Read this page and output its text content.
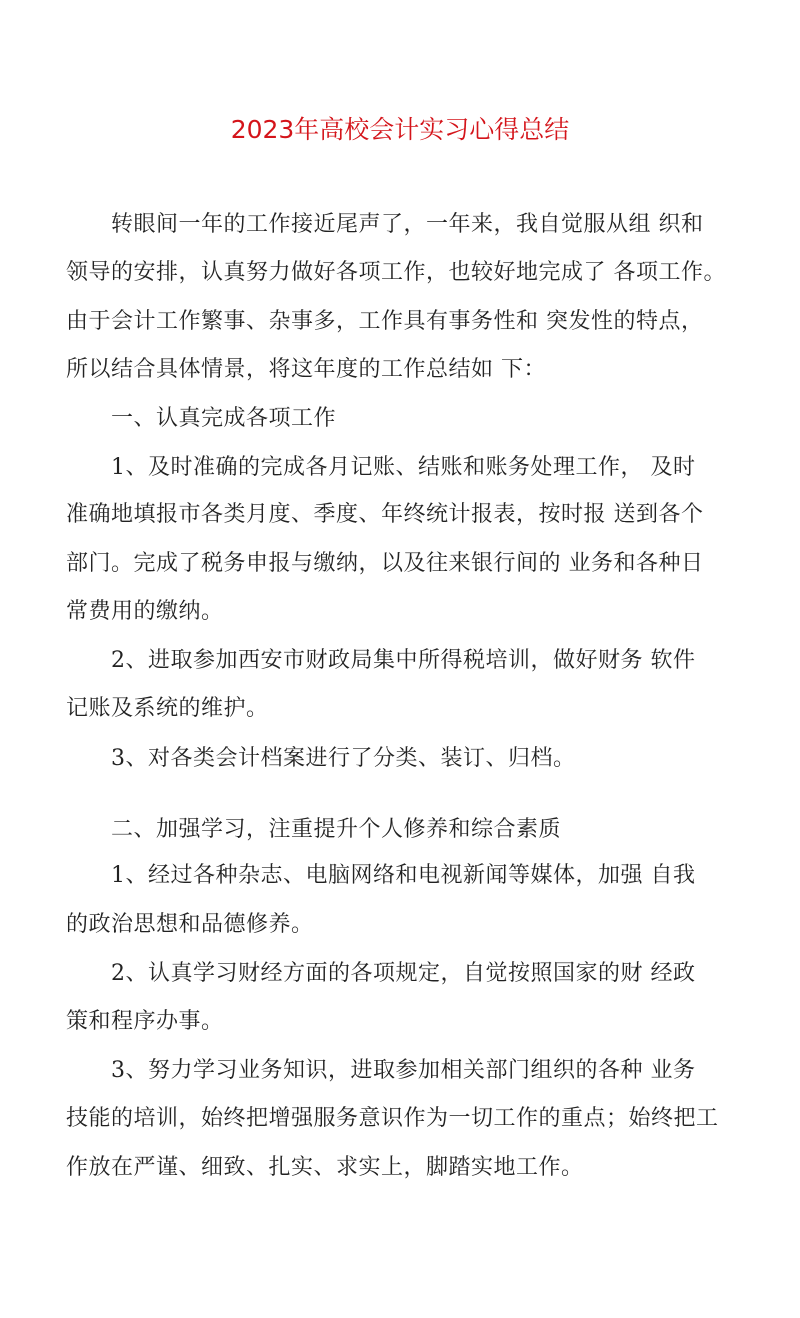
2023年高校会计实习心得总结
　　转眼间一年的工作接近尾声了，一年来，我自觉服从组 织和
领导的安排，认真努力做好各项工作，也较好地完成了 各项工作。
由于会计工作繁事、杂事多，工作具有事务性和 突发性的特点，
所以结合具体情景，将这年度的工作总结如 下：
　　一、认真完成各项工作
　　1、及时准确的完成各月记账、结账和账务处理工作， 及时
准确地填报市各类月度、季度、年终统计报表，按时报 送到各个
部门。完成了税务申报与缴纳，以及往来银行间的 业务和各种日
常费用的缴纳。
　　2、进取参加西安市财政局集中所得税培训，做好财务 软件
记账及系统的维护。
　　3、对各类会计档案进行了分类、装订、归档。
　　二、加强学习，注重提升个人修养和综合素质
　　1、经过各种杂志、电脑网络和电视新闻等媒体，加强 自我
的政治思想和品德修养。
　　2、认真学习财经方面的各项规定，自觉按照国家的财 经政
策和程序办事。
　　3、努力学习业务知识，进取参加相关部门组织的各种 业务
技能的培训，始终把增强服务意识作为一切工作的重点；始终把工
作放在严谨、细致、扎实、求实上，脚踏实地工作。
